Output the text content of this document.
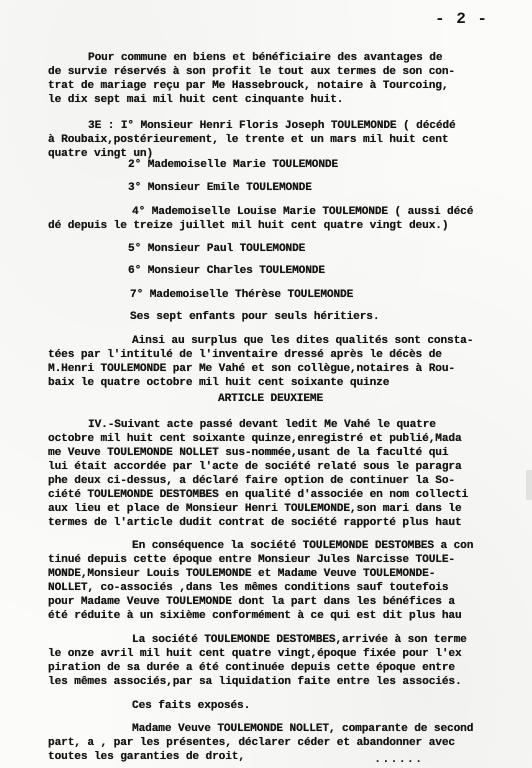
- 2 -
Pour commune en biens et bénéficiaire des avantages de
de survie réservés à son profit le tout aux termes de son con-
trat de mariage reçu par Me Hassebrouck, notaire à Tourcoing,
le dix sept mai mil huit cent cinquante huit.
3E : I° Monsieur Henri Floris Joseph TOULEMONDE ( décédé
à Roubaix,postérieurement, le trente et un mars mil huit cent
quatre vingt un)
2° Mademoiselle Marie TOULEMONDE
3° Monsieur Emile TOULEMONDE
4° Mademoiselle Louise Marie TOULEMONDE ( aussi décé
dé depuis le treize juillet mil huit cent quatre vingt deux.)
5° Monsieur Paul TOULEMONDE
6° Monsieur Charles TOULEMONDE
7° Mademoiselle Thérèse TOULEMONDE
Ses sept enfants pour seuls héritiers.
Ainsi au surplus que les dites qualités sont consta-
tées par l'intitulé de l'inventaire dressé après le décès de
M.Henri TOULEMONDE par Me Vahé et son collègue,notaires à Rou-
baix le quatre octobre mil huit cent soixante quinze
ARTICLE DEUXIEME
IV.-Suivant acte passé devant ledit Me Vahé le quatre
octobre mil huit cent soixante quinze,enregistré et publié,Mada
me Veuve TOULEMONDE NOLLET sus-nommée,usant de la faculté qui
lui était accordée par l'acte de société relaté sous le paragra
phe deux ci-dessus, a déclaré faire option de continuer la So-
ciété TOULEMONDE DESTOMBES en qualité d'associée en nom collecti
aux lieu et place de Monsieur Henri TOULEMONDE,son mari dans le
termes de l'article dudit contrat de société rapporté plus haut
En conséquence la société TOULEMONDE DESTOMBES a con
tinué depuis cette époque entre Monsieur Jules Narcisse TOULE-
MONDE,Monsieur Louis TOULEMONDE et Madame Veuve TOULEMONDE-
NOLLET, co-associés ,dans les mêmes conditions sauf toutefois
pour Madame Veuve TOULEMONDE dont la part dans les bénéfices a
été réduite à un sixième conformément à ce qui est dit plus hau
La société TOULEMONDE DESTOMBES,arrivée à son terme
le onze avril mil huit cent quatre vingt,époque fixée pour l'ex
piration de sa durée a été continuée depuis cette époque entre
les mêmes associés,par sa liquidation faite entre les associés.
Ces faits exposés.
Madame Veuve TOULEMONDE NOLLET, comparante de second
part, a , par les présentes, déclarer céder et abandonner avec
toutes les garanties de droit,	......
